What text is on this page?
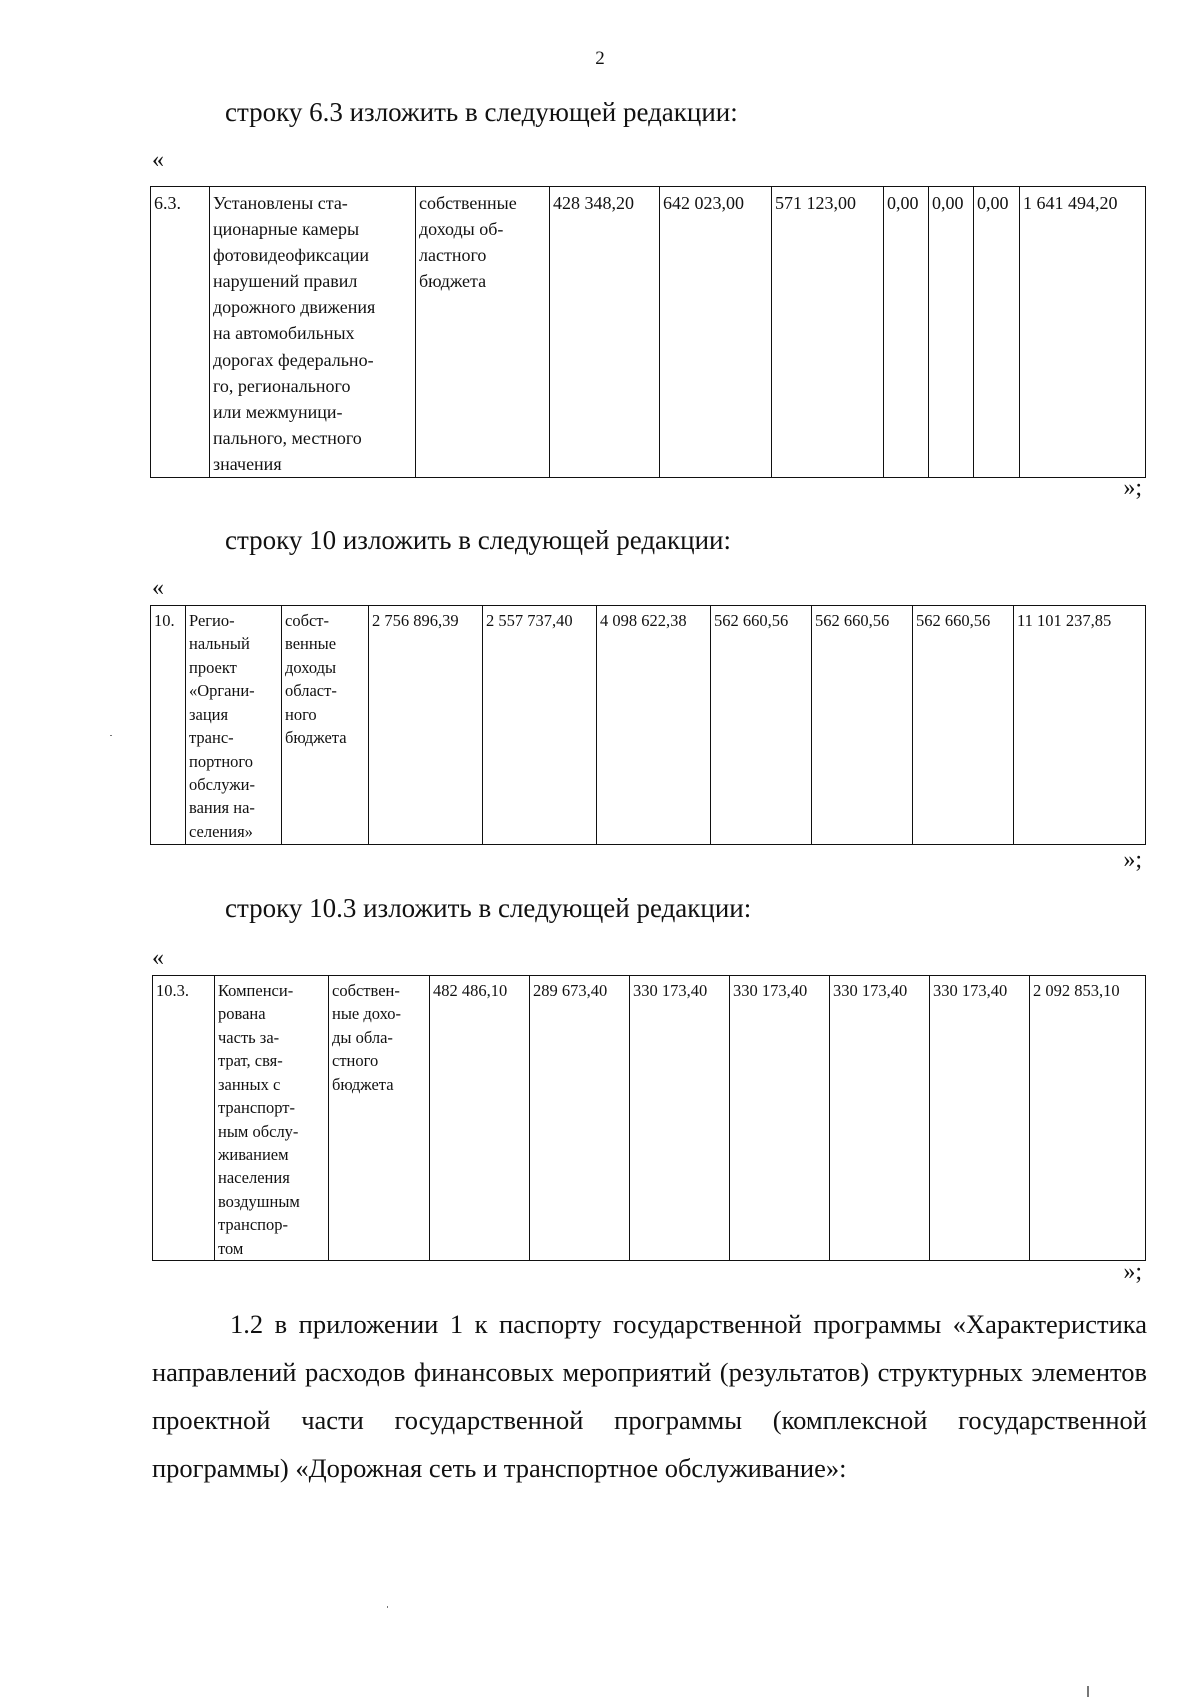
2
строку 6.3 изложить в следующей редакции:
«
6.3.	Установлены ста-
ционарные камеры
фотовидеофиксации
нарушений правил
дорожного движения
на автомобильных
дорогах федерально-
го, регионального
или межмуници-
пального, местного
значения	собственные
доходы об-
ластного
бюджета	428 348,20	642 023,00	571 123,00	0,00	0,00	0,00	1 641 494,20
»;
строку 10 изложить в следующей редакции:
«
10.	Регио-
нальный
проект
«Органи-
зация
транс-
портного
обслужи-
вания на-
селения»	собст-
венные
доходы
област-
ного
бюджета	2 756 896,39	2 557 737,40	4 098 622,38	562 660,56	562 660,56	562 660,56	11 101 237,85
»;
строку 10.3 изложить в следующей редакции:
«
10.3.	Компенси-
рована
часть за-
трат, свя-
занных с
транспорт-
ным обслу-
живанием
населения
воздушным
транспор-
том	собствен-
ные дохо-
ды обла-
стного
бюджета	482 486,10	289 673,40	330 173,40	330 173,40	330 173,40	330 173,40	2 092 853,10
»;
1.2 в приложении 1 к паспорту государственной программы «Характеристика направлений расходов финансовых мероприятий (результатов) структурных элементов проектной части государственной программы (комплексной государственной программы) «Дорожная сеть и транспортное обслуживание»:
